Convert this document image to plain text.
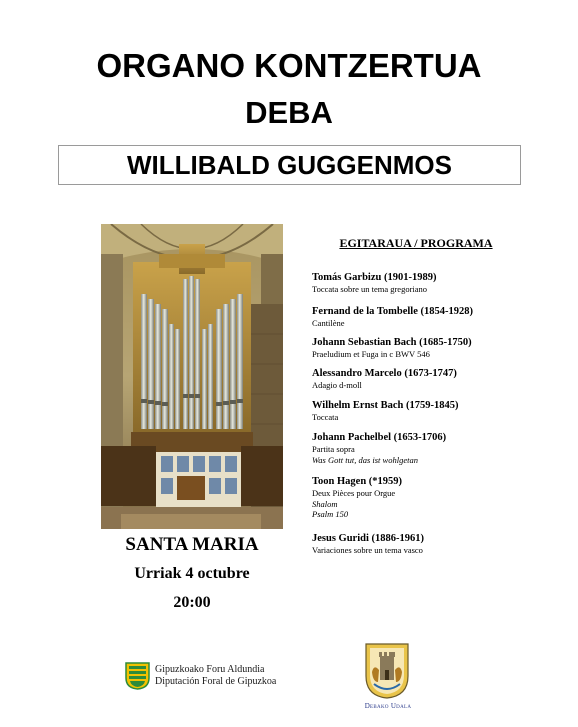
ORGANO KONTZERTUA
DEBA
WILLIBALD GUGGENMOS
SANTA MARIA
Urriak 4 octubre
20:00
EGITARAUA / PROGRAMA
Tomás Garbizu (1901-1989)
Toccata sobre un tema gregoriano
Fernand de la Tombelle (1854-1928)
Cantilène
Johann Sebastian Bach (1685-1750)
Praeludium et Fuga in c BWV 546
Alessandro Marcelo (1673-1747)
Adagio d-moll
Wilhelm Ernst Bach (1759-1845)
Toccata
Johann Pachelbel (1653-1706)
Partita sopra
Was Gott tut, das ist wohlgetan
Toon Hagen (*1959)
Deux Pièces pour Orgue
Shalom
Psalm 150
Jesus Guridi (1886-1961)
Variaciones sobre un tema vasco
Gipuzkoako Foru Aldundia
Diputación Foral de Gipuzkoa
Debako Udala
